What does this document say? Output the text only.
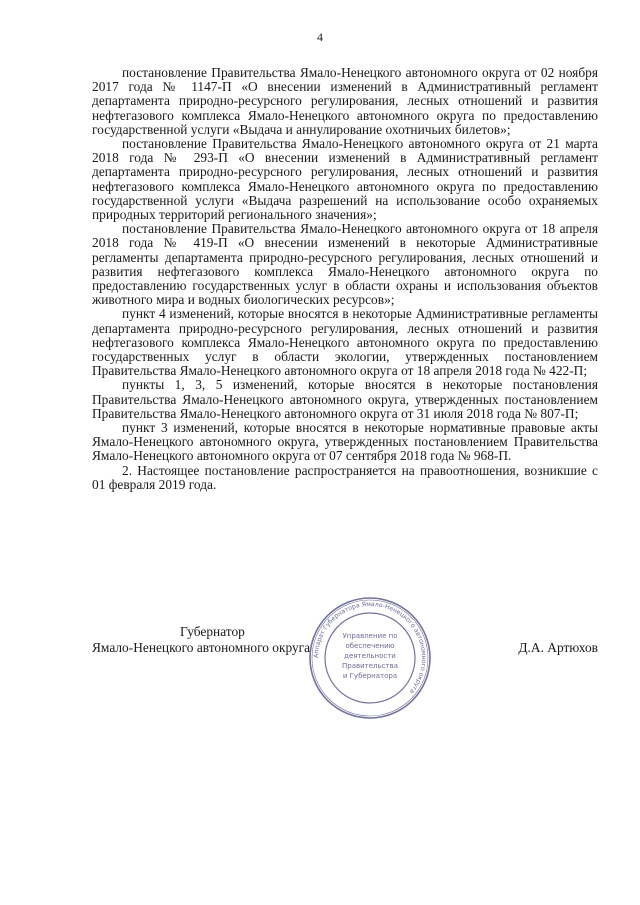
4

постановление Правительства Ямало-Ненецкого автономного округа от 02 ноября 2017 года № 1147-П «О внесении изменений в Административный регламент департамента природно-ресурсного регулирования, лесных отношений и развития нефтегазового комплекса Ямало-Ненецкого автономного округа по предоставлению государственной услуги «Выдача и аннулирование охотничьих билетов»;

постановление Правительства Ямало-Ненецкого автономного округа от 21 марта 2018 года № 293-П «О внесении изменений в Административный регламент департамента природно-ресурсного регулирования, лесных отношений и развития нефтегазового комплекса Ямало-Ненецкого автономного округа по предоставлению государственной услуги «Выдача разрешений на использование особо охраняемых природных территорий регионального значения»;

постановление Правительства Ямало-Ненецкого автономного округа от 18 апреля 2018 года № 419-П «О внесении изменений в некоторые Административные регламенты департамента природно-ресурсного регулирования, лесных отношений и развития нефтегазового комплекса Ямало-Ненецкого автономного округа по предоставлению государственных услуг в области охраны и использования объектов животного мира и водных биологических ресурсов»;

пункт 4 изменений, которые вносятся в некоторые Административные регламенты департамента природно-ресурсного регулирования, лесных отношений и развития нефтегазового комплекса Ямало-Ненецкого автономного округа по предоставлению государственных услуг в области экологии, утвержденных постановлением Правительства Ямало-Ненецкого автономного округа от 18 апреля 2018 года № 422-П;

пункты 1, 3, 5 изменений, которые вносятся в некоторые постановления Правительства Ямало-Ненецкого автономного округа, утвержденных постановлением Правительства Ямало-Ненецкого автономного округа от 31 июля 2018 года № 807-П;

пункт 3 изменений, которые вносятся в некоторые нормативные правовые акты Ямало-Ненецкого автономного округа, утвержденных постановлением Правительства Ямало-Ненецкого автономного округа от 07 сентября 2018 года № 968-П.

2. Настоящее постановление распространяется на правоотношения, возникшие с 01 февраля 2019 года.

Губернатор
Ямало-Ненецкого автономного округа	Д.А. Артюхов
Аппарат Губернатора Ямало-Ненецкого автономного округа
Управление по
обеспечению
деятельности
Правительства
и Губернатора
